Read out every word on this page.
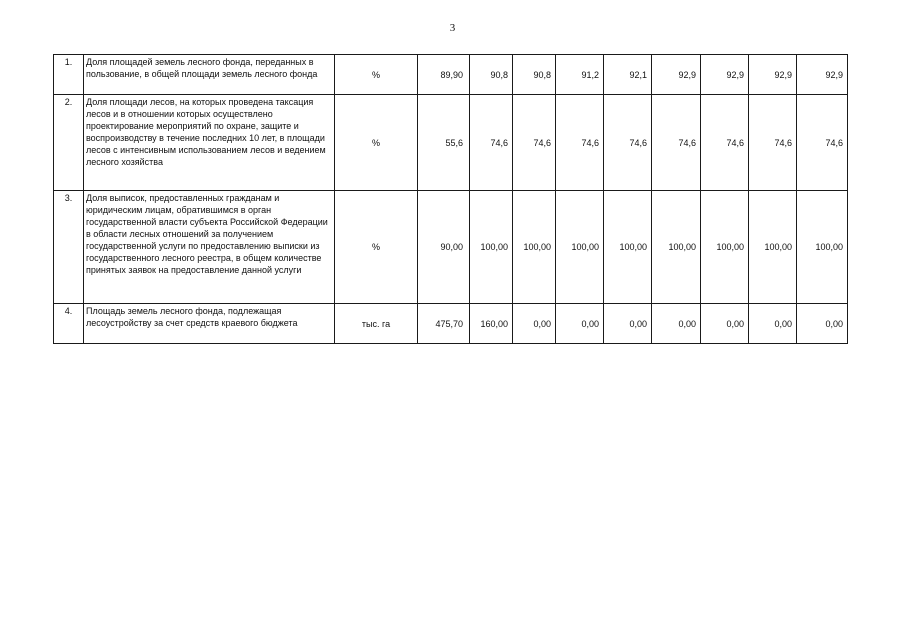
3
1.	Доля площадей земель лесного фонда, переданных в пользование, в общей площади земель лесного фонда	%	89,90	90,8	90,8	91,2	92,1	92,9	92,9	92,9	92,9
2.	Доля площади лесов, на которых проведена таксация лесов и в отношении которых осуществлено проектирование мероприятий по охране, защите и воспроизводству в течение последних 10 лет, в площади лесов с интенсивным использованием лесов и ведением лесного хозяйства	%	55,6	74,6	74,6	74,6	74,6	74,6	74,6	74,6	74,6
3.	Доля выписок, предоставленных гражданам и юридическим лицам, обратившимся в орган государственной власти субъекта Российской Федерации в области лесных отношений за получением государственной услуги по предоставлению выписки из государственного лесного реестра, в общем количестве принятых заявок на предоставление данной услуги	%	90,00	100,00	100,00	100,00	100,00	100,00	100,00	100,00	100,00
4.	Площадь земель лесного фонда, подлежащая лесоустройству за счет средств краевого бюджета	тыс. га	475,70	160,00	0,00	0,00	0,00	0,00	0,00	0,00	0,00
